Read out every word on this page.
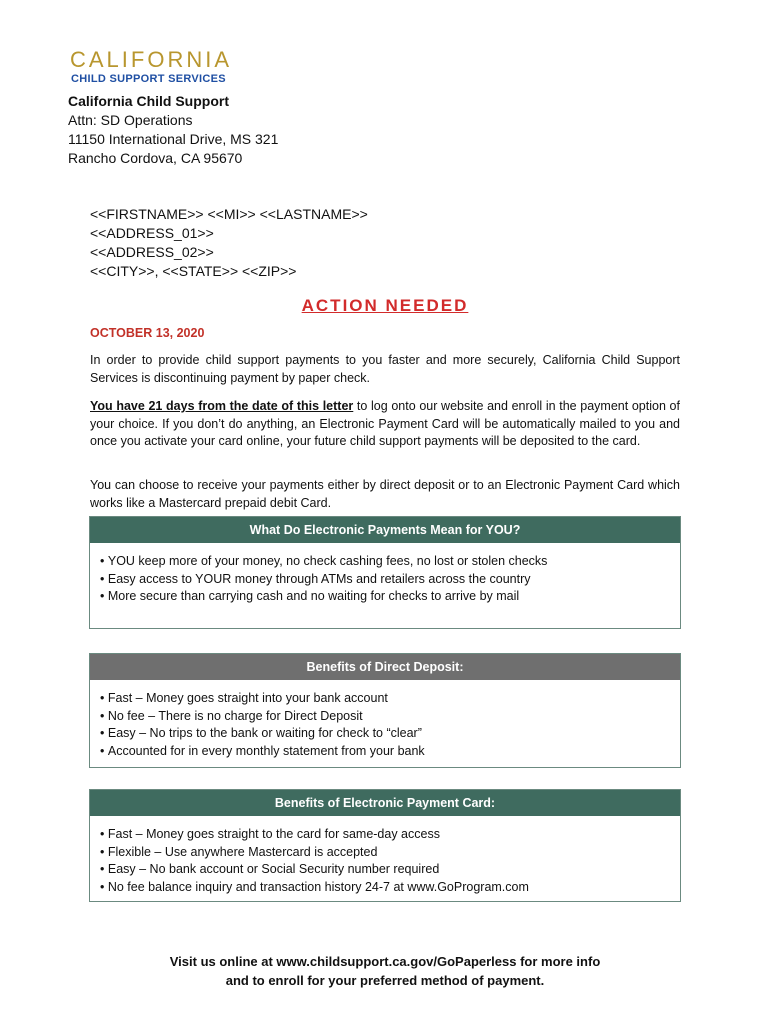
CALIFORNIA
CHILD SUPPORT SERVICES
California Child Support
Attn: SD Operations
11150 International Drive, MS 321
Rancho Cordova, CA 95670
<<FIRSTNAME>> <<MI>> <<LASTNAME>>
<<ADDRESS_01>>
<<ADDRESS_02>>
<<CITY>>, <<STATE>> <<ZIP>>
ACTION NEEDED
OCTOBER 13, 2020
In order to provide child support payments to you faster and more securely, California Child Support Services is discontinuing payment by paper check.
You have 21 days from the date of this letter to log onto our website and enroll in the payment option of your choice. If you don’t do anything, an Electronic Payment Card will be automatically mailed to you and once you activate your card online, your future child support payments will be deposited to the card.
You can choose to receive your payments either by direct deposit or to an Electronic Payment Card which works like a Mastercard prepaid debit Card.
What Do Electronic Payments Mean for YOU?
• YOU keep more of your money, no check cashing fees, no lost or stolen checks
• Easy access to YOUR money through ATMs and retailers across the country
• More secure than carrying cash and no waiting for checks to arrive by mail
Benefits of Direct Deposit:
• Fast – Money goes straight into your bank account
• No fee – There is no charge for Direct Deposit
• Easy – No trips to the bank or waiting for check to “clear”
• Accounted for in every monthly statement from your bank
Benefits of Electronic Payment Card:
• Fast – Money goes straight to the card for same-day access
• Flexible – Use anywhere Mastercard is accepted
• Easy – No bank account or Social Security number required
• No fee balance inquiry and transaction history 24-7 at www.GoProgram.com
Visit us online at www.childsupport.ca.gov/GoPaperless for more info
and to enroll for your preferred method of payment.
